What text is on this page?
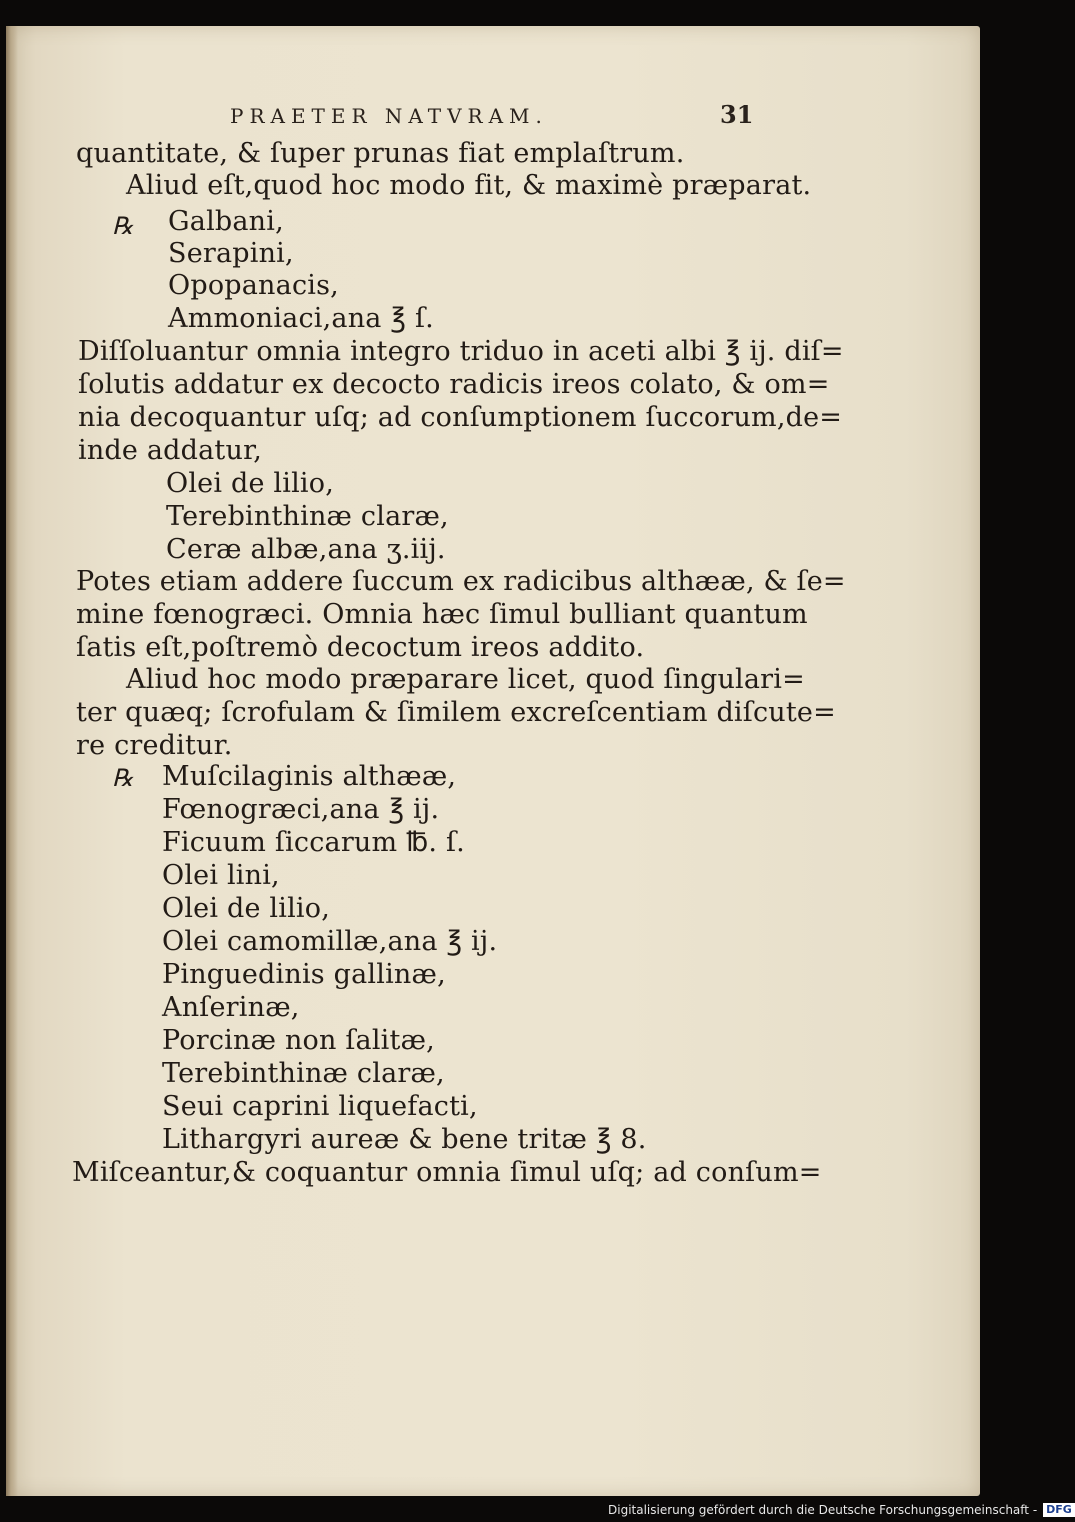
PRAETER NATVRAM.	31
℞
℞
quantitate, & ſuper prunas fiat emplaſtrum.
Aliud eſt,quod hoc modo fit, & maximè præparat.
Galbani,
Serapini,
Opopanacis,
Ammoniaci,ana ℥ ſ.
Diſſoluantur omnia integro triduo in aceti albi ℥ ij. diſ=
ſolutis addatur ex decocto radicis ireos colato, & om=
nia decoquantur uſq; ad conſumptionem ſuccorum,de=
inde addatur,
Olei de lilio,
Terebinthinæ claræ,
Ceræ albæ,ana ʒ.iij.
Potes etiam addere ſuccum ex radicibus althææ, & ſe=
mine fœnogræci. Omnia hæc ſimul bulliant quantum
ſatis eſt,poſtremò decoctum ireos addito.
Aliud hoc modo præparare licet, quod ſingulari=
ter quæq; ſcrofulam & ſimilem excreſcentiam diſcute=
re creditur.
Muſcilaginis althææ,
Fœnogræci,ana ℥ ij.
Ficuum ſiccarum ℔. ſ.
Olei lini,
Olei de lilio,
Olei camomillæ,ana ℥ ij.
Pinguedinis gallinæ,
Anſerinæ,
Porcinæ non ſalitæ,
Terebinthinæ claræ,
Seui caprini liquefacti,
Lithargyri aureæ & bene tritæ ℥ 8.
Miſceantur,& coquantur omnia ſimul uſq; ad conſum=
Digitalisierung gefördert durch die Deutsche Forschungsgemeinschaft - DFG
